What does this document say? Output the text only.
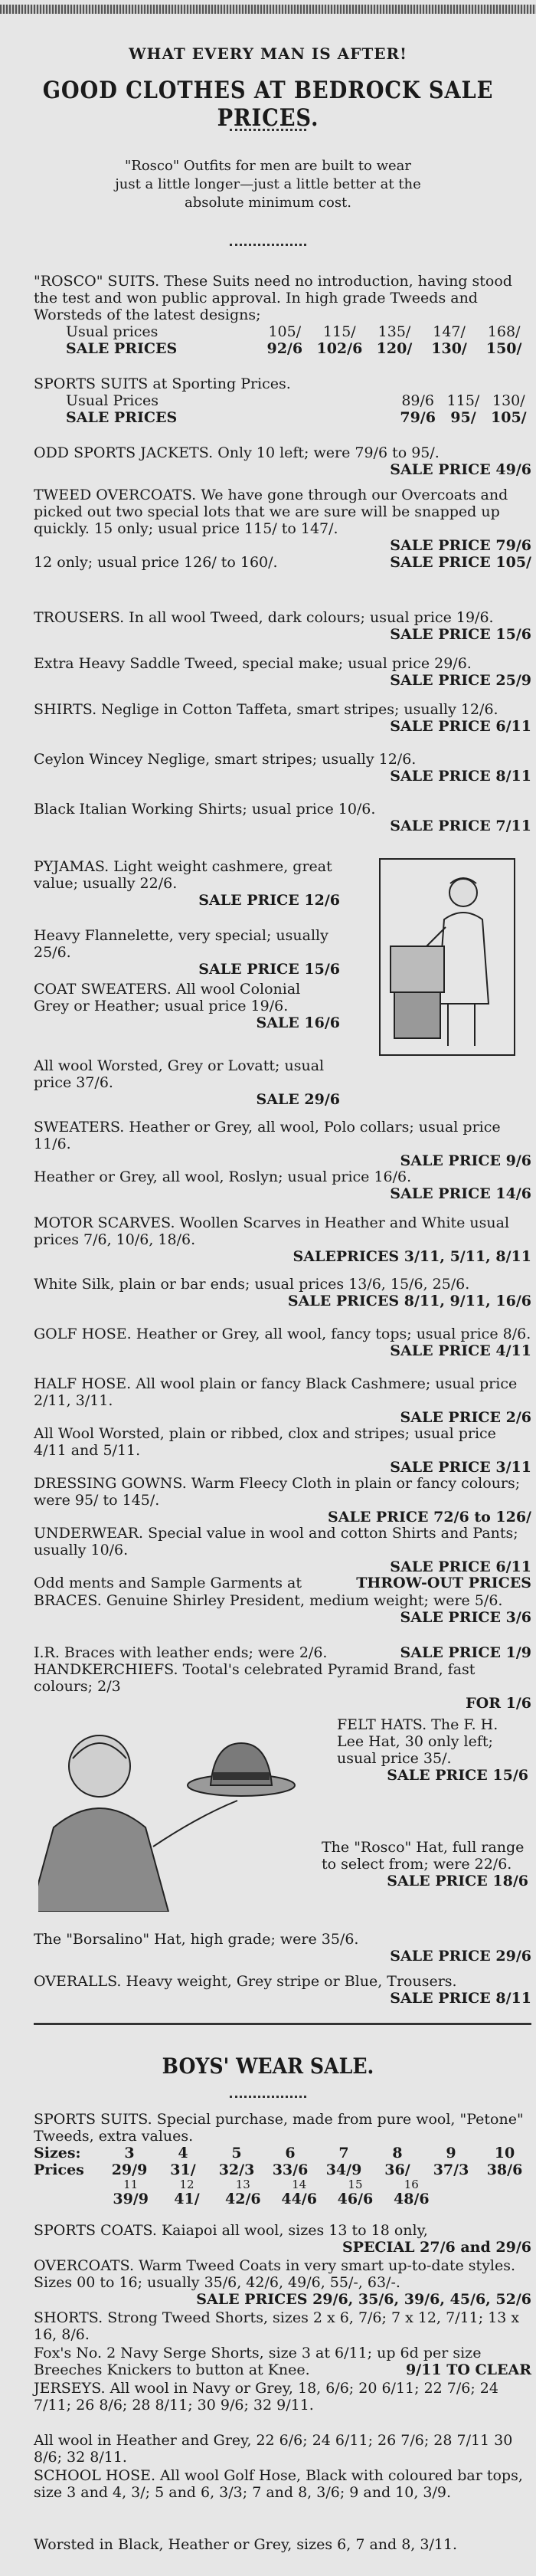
WHAT EVERY MAN IS AFTER!
GOOD CLOTHES AT BEDROCK SALE PRICES.
"Rosco" Outfits for men are built to wear just a little longer—just a little better at the absolute minimum cost.
"ROSCO" SUITS. These Suits need no introduction, having stood the test and won public approval. In high grade Tweeds and Worsteds of the latest designs;
Usual prices	105/	115/	135/	147/	168/
SALE PRICES	92/6 102/6 120/	130/	150/
SPORTS SUITS at Sporting Prices.
Usual Prices	89/6 115/ 130/
SALE PRICES	79/6	95/	105/
ODD SPORTS JACKETS. Only 10 left; were 79/6 to 95/.
SALE PRICE 49/6
TWEED OVERCOATS. We have gone through our Overcoats and picked out two special lots that we are sure will be snapped up quickly. 15 only; usual price 115/ to 147/.
SALE PRICE 79/6
12 only; usual price 126/ to 160/.	SALE PRICE 105/
TROUSERS. In all wool Tweed, dark colours; usual price 19/6.
SALE PRICE 15/6
Extra Heavy Saddle Tweed, special make; usual price 29/6.
SALE PRICE 25/9
SHIRTS. Neglige in Cotton Taffeta, smart stripes; usually 12/6.
SALE PRICE 6/11
Ceylon Wincey Neglige, smart stripes; usually 12/6.
SALE PRICE 8/11
Black Italian Working Shirts; usual price 10/6.
SALE PRICE 7/11
PYJAMAS. Light weight cashmere, great value; usually 22/6.
SALE PRICE 12/6
Heavy Flannelette, very special; usually 25/6.
SALE PRICE 15/6
COAT SWEATERS. All wool Colonial Grey or Heather; usual price 19/6.
SALE 16/6
All wool Worsted, Grey or Lovatt; usual price 37/6.
SALE 29/6
SWEATERS. Heather or Grey, all wool, Polo collars; usual price 11/6.
SALE PRICE 9/6
Heather or Grey, all wool, Roslyn; usual price 16/6.
SALE PRICE 14/6
MOTOR SCARVES. Woollen Scarves in Heather and White usual prices 7/6, 10/6, 18/6.
SALEPRICES 3/11, 5/11, 8/11
White Silk, plain or bar ends; usual prices 13/6, 15/6, 25/6.
SALE PRICES 8/11, 9/11, 16/6
GOLF HOSE. Heather or Grey, all wool, fancy tops; usual price 8/6.
SALE PRICE 4/11
HALF HOSE. All wool plain or fancy Black Cashmere; usual price 2/11, 3/11.
SALE PRICE 2/6
All Wool Worsted, plain or ribbed, clox and stripes; usual price 4/11 and 5/11.
SALE PRICE 3/11
DRESSING GOWNS. Warm Fleecy Cloth in plain or fancy colours; were 95/ to 145/.
SALE PRICE 72/6 to 126/
UNDERWEAR. Special value in wool and cotton Shirts and Pants; usually 10/6.
SALE PRICE 6/11
Odd ments and Sample Garments at	THROW-OUT PRICES
BRACES. Genuine Shirley President, medium weight; were 5/6.
SALE PRICE 3/6
I.R. Braces with leather ends; were 2/6.	SALE PRICE 1/9
HANDKERCHIEFS. Tootal's celebrated Pyramid Brand, fast colours; 2/3
FOR 1/6
FELT HATS. The F. H. Lee Hat, 30 only left; usual price 35/.
SALE PRICE 15/6
The "Rosco" Hat, full range to select from; were 22/6.
SALE PRICE 18/6
The "Borsalino" Hat, high grade; were 35/6.
SALE PRICE 29/6
OVERALLS. Heavy weight, Grey stripe or Blue, Trousers.
SALE PRICE 8/11
BOYS' WEAR SALE.
SPORTS SUITS. Special purchase, made from pure wool, "Petone" Tweeds, extra values.
Sizes:	3	4	5	6	7	8	9	10
Prices	29/9	31/	32/3	33/6	34/9	36/	37/3	38/6
11	12	13	14	15	16
39/9	41/	42/6	44/6	46/6	48/6
SPORTS COATS. Kaiapoi all wool, sizes 13 to 18 only,
SPECIAL 27/6 and 29/6
OVERCOATS. Warm Tweed Coats in very smart up-to-date styles. Sizes 00 to 16; usually 35/6, 42/6, 49/6, 55/-, 63/-.
SALE PRICES 29/6, 35/6, 39/6, 45/6, 52/6
SHORTS. Strong Tweed Shorts, sizes 2 x 6, 7/6; 7 x 12, 7/11; 13 x 16, 8/6.
Fox's No. 2 Navy Serge Shorts, size 3 at 6/11; up 6d per size
Breeches Knickers to button at Knee.	9/11 TO CLEAR
JERSEYS. All wool in Navy or Grey, 18, 6/6; 20 6/11; 22 7/6; 24 7/11; 26 8/6; 28 8/11; 30 9/6; 32 9/11.
All wool in Heather and Grey, 22 6/6; 24 6/11; 26 7/6; 28 7/11 30 8/6; 32 8/11.
SCHOOL HOSE. All wool Golf Hose, Black with coloured bar tops, size 3 and 4, 3/; 5 and 6, 3/3; 7 and 8, 3/6; 9 and 10, 3/9.
Worsted in Black, Heather or Grey, sizes 6, 7 and 8, 3/11.
